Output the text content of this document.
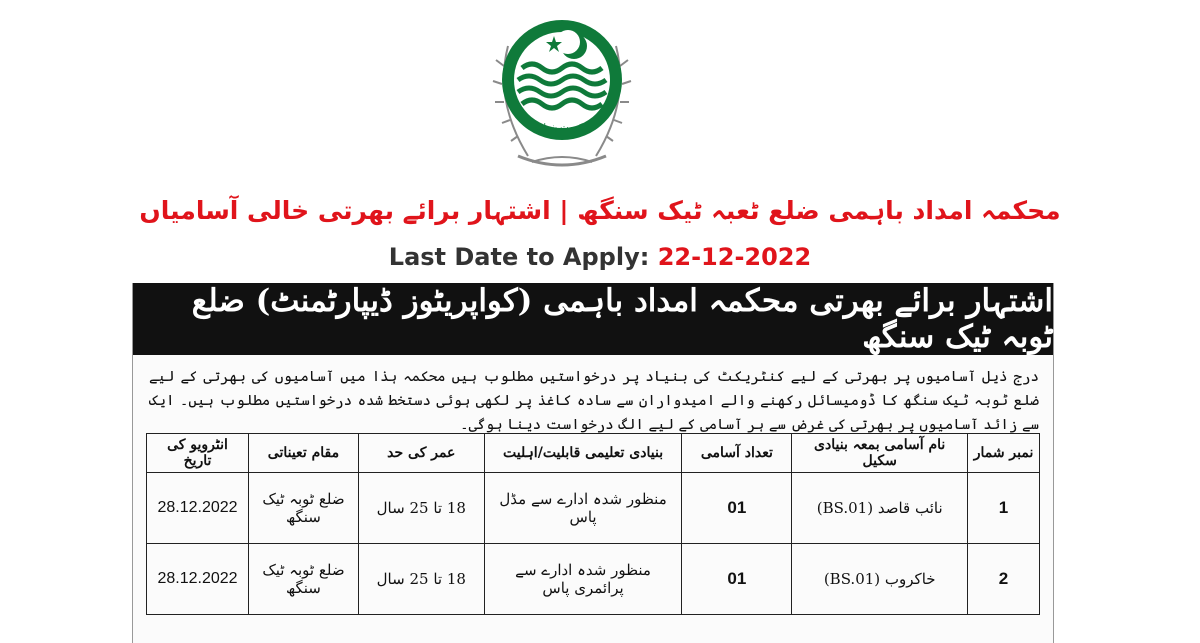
حکومت پنجاب
محکمہ امداد باہمی ضلع ٹعبہ ٹیک سنگھ | اشتہار برائے بھرتی خالی آسامیاں
Last Date to Apply: 22-12-2022
اشتہار برائے بھرتی محکمہ امداد باہمی (کواپریٹوز ڈیپارٹمنٹ) ضلع ٹوبہ ٹیک سنگھ
درج ذیل آسامیوں پر بھرتی کے لیے کنٹریکٹ کی بنیاد پر درخواستیں مطلوب ہیں محکمہ ہذا میں آسامیوں کی بھرتی کے لیے ضلع ٹوبہ ٹیک سنگھ کا ڈومیسائل رکھنے والے امیدواران سے سادہ کاغذ پر لکھی ہوئی دستخط شدہ درخواستیں مطلوب ہیں۔ ایک سے زائد آسامیوں پر بھرتی کی غرض سے ہر آسامی کے لیے الگ درخواست دینا ہوگی۔
نمبر شمار	نام آسامی بمعہ بنیادی سکیل	تعداد آسامی	بنیادی تعلیمی قابلیت/اہلیت	عمر کی حد	مقام تعیناتی	انٹرویو کی تاریخ
1	نائب قاصد (BS.01)	01	منظور شدہ ادارے سے مڈل پاس	18 تا 25 سال	ضلع ٹوبہ ٹیک سنگھ	28.12.2022
2	خاکروب (BS.01)	01	منظور شدہ ادارے سے پرائمری پاس	18 تا 25 سال	ضلع ٹوبہ ٹیک سنگھ	28.12.2022
